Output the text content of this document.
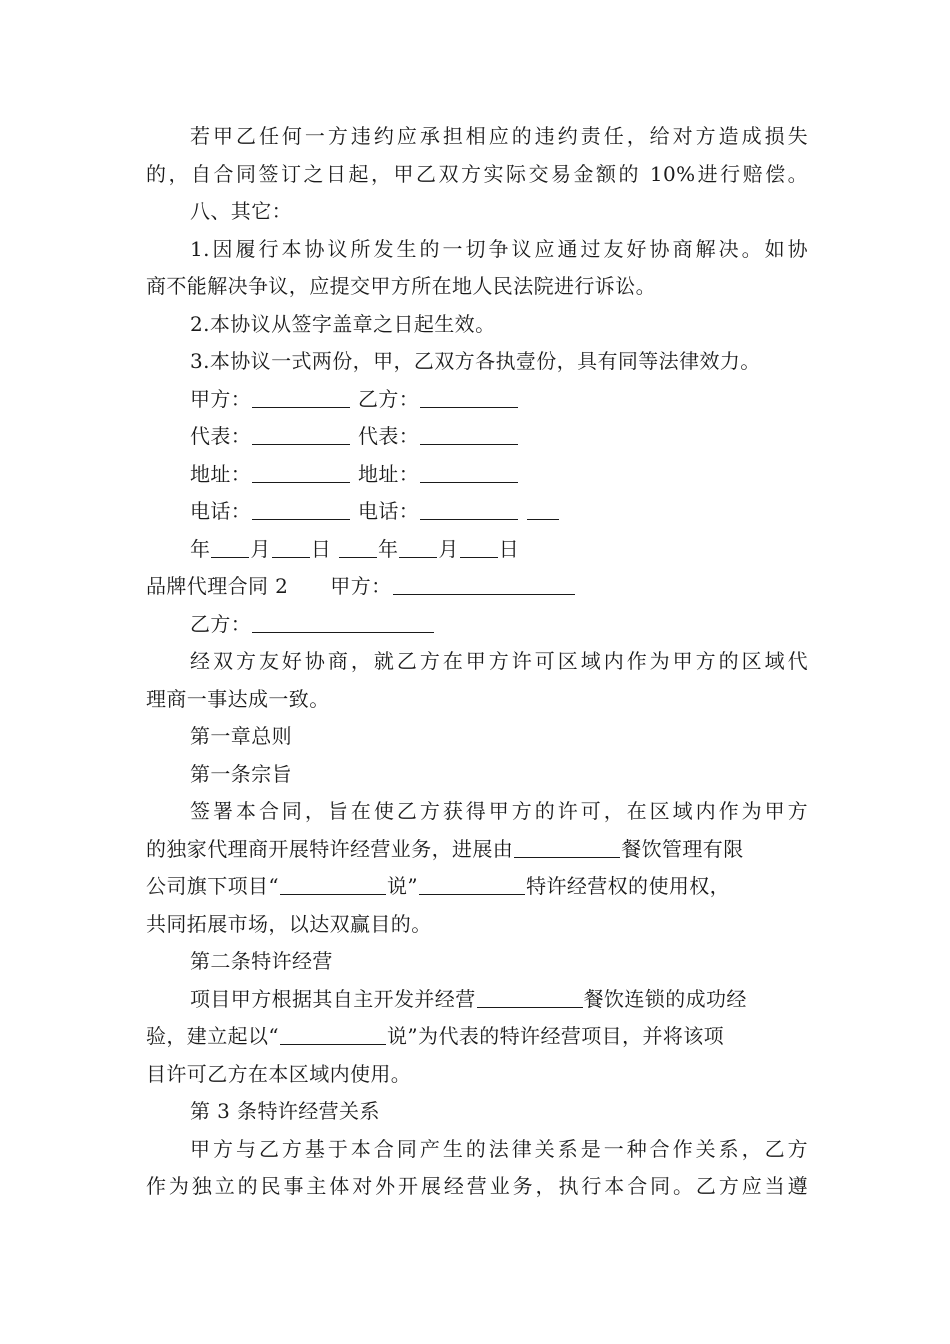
若甲乙任何一方违约应承担相应的违约责任，给对方造成损失
的，自合同签订之日起，甲乙双方实际交易金额的 10%进行赔偿。
八、其它：
1.因履行本协议所发生的一切争议应通过友好协商解决。如协
商不能解决争议，应提交甲方所在地人民法院进行诉讼。
2.本协议从签字盖章之日起生效。
3.本协议一式两份，甲，乙双方各执壹份，具有同等法律效力。
甲方：	乙方：
代表：	代表：
地址：	地址：
电话：	电话：
年 月 日 年 月 日
品牌代理合同 2 甲方：
乙方：
经双方友好协商，就乙方在甲方许可区域内作为甲方的区域代
理商一事达成一致。
第一章总则
第一条宗旨
签署本合同，旨在使乙方获得甲方的许可，在区域内作为甲方
的独家代理商开展特许经营业务，进展由	餐饮管理有限
公司旗下项目“	说”	特许经营权的使用权，
共同拓展市场，以达双赢目的。
第二条特许经营
项目甲方根据其自主开发并经营	餐饮连锁的成功经
验，建立起以“	说”为代表的特许经营项目，并将该项
目许可乙方在本区域内使用。
第 3 条特许经营关系
甲方与乙方基于本合同产生的法律关系是一种合作关系，乙方
作为独立的民事主体对外开展经营业务，执行本合同。乙方应当遵
